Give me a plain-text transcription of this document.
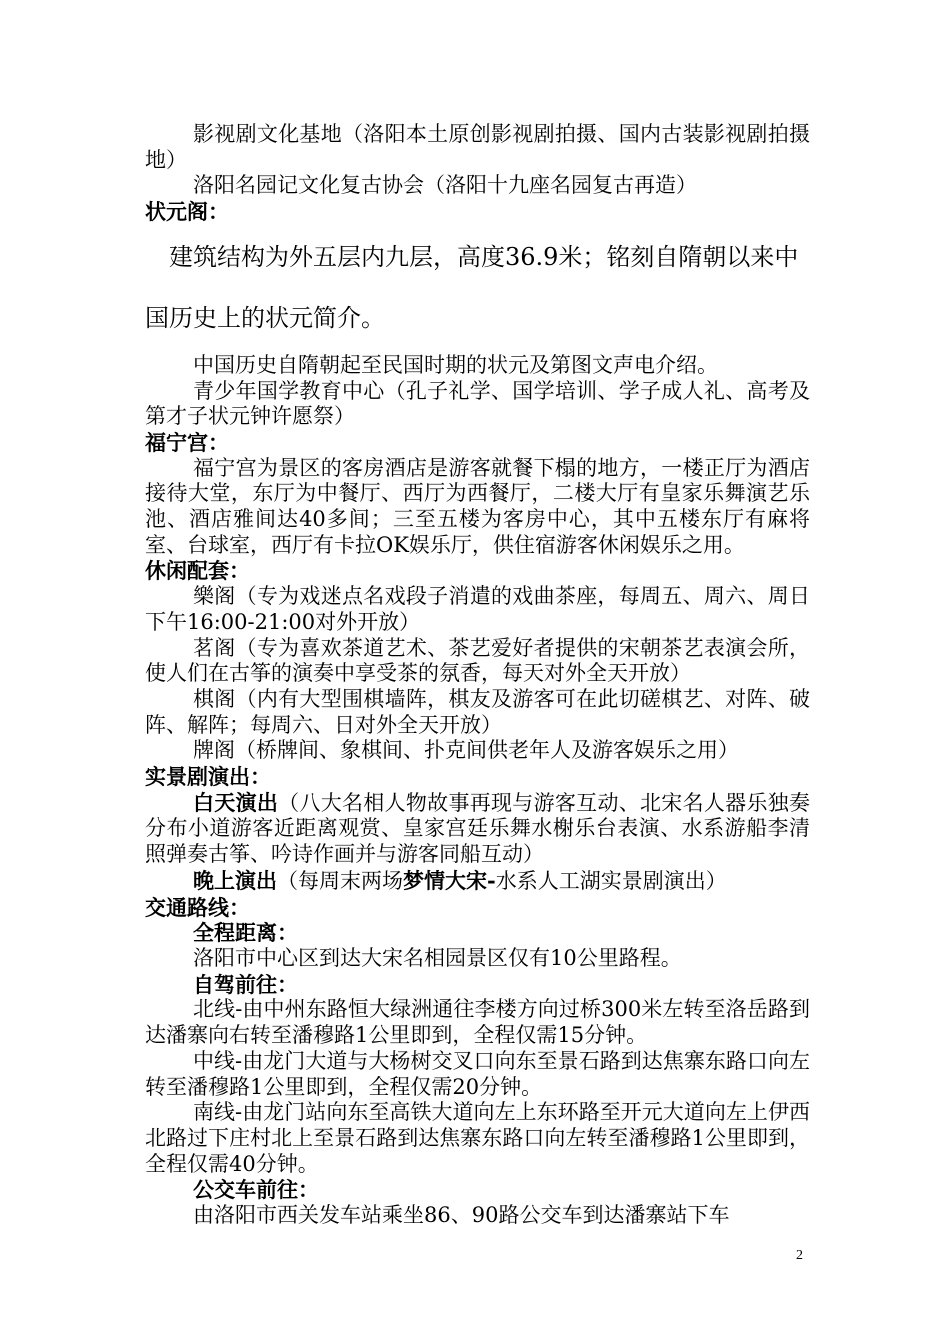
影视剧文化基地（洛阳本土原创影视剧拍摄、国内古装影视剧拍摄地）

洛阳名园记文化复古协会（洛阳十九座名园复古再造）

状元阁：

建筑结构为外五层内九层，高度36.9米；铭刻自隋朝以来中国历史上的状元简介。

中国历史自隋朝起至民国时期的状元及第图文声电介绍。

青少年国学教育中心（孔子礼学、国学培训、学子成人礼、高考及第才子状元钟许愿祭）

福宁宫：

福宁宫为景区的客房酒店是游客就餐下榻的地方，一楼正厅为酒店接待大堂，东厅为中餐厅、西厅为西餐厅，二楼大厅有皇家乐舞演艺乐池、酒店雅间达40多间；三至五楼为客房中心，其中五楼东厅有麻将室、台球室，西厅有卡拉OK娱乐厅，供住宿游客休闲娱乐之用。

休闲配套：

樂阁（专为戏迷点名戏段子消遣的戏曲茶座，每周五、周六、周日下午16:00-21:00对外开放）

茗阁（专为喜欢茶道艺术、茶艺爱好者提供的宋朝茶艺表演会所，使人们在古筝的演奏中享受茶的氛香，每天对外全天开放）

棋阁（内有大型围棋墙阵，棋友及游客可在此切磋棋艺、对阵、破阵、解阵；每周六、日对外全天开放）

牌阁（桥牌间、象棋间、扑克间供老年人及游客娱乐之用）

实景剧演出：

白天演出（八大名相人物故事再现与游客互动、北宋名人器乐独奏分布小道游客近距离观赏、皇家宫廷乐舞水榭乐台表演、水系游船李清照弹奏古筝、吟诗作画并与游客同船互动）

晚上演出（每周末两场梦情大宋-水系人工湖实景剧演出）

交通路线：

全程距离：

洛阳市中心区到达大宋名相园景区仅有10公里路程。

自驾前往：

北线-由中州东路恒大绿洲通往李楼方向过桥300米左转至洛岳路到达潘寨向右转至潘穆路1公里即到，全程仅需15分钟。

中线-由龙门大道与大杨树交叉口向东至景石路到达焦寨东路口向左转至潘穆路1公里即到，全程仅需20分钟。

南线-由龙门站向东至高铁大道向左上东环路至开元大道向左上伊西北路过下庄村北上至景石路到达焦寨东路口向左转至潘穆路1公里即到，全程仅需40分钟。

公交车前往：

由洛阳市西关发车站乘坐86、90路公交车到达潘寨站下车

2
